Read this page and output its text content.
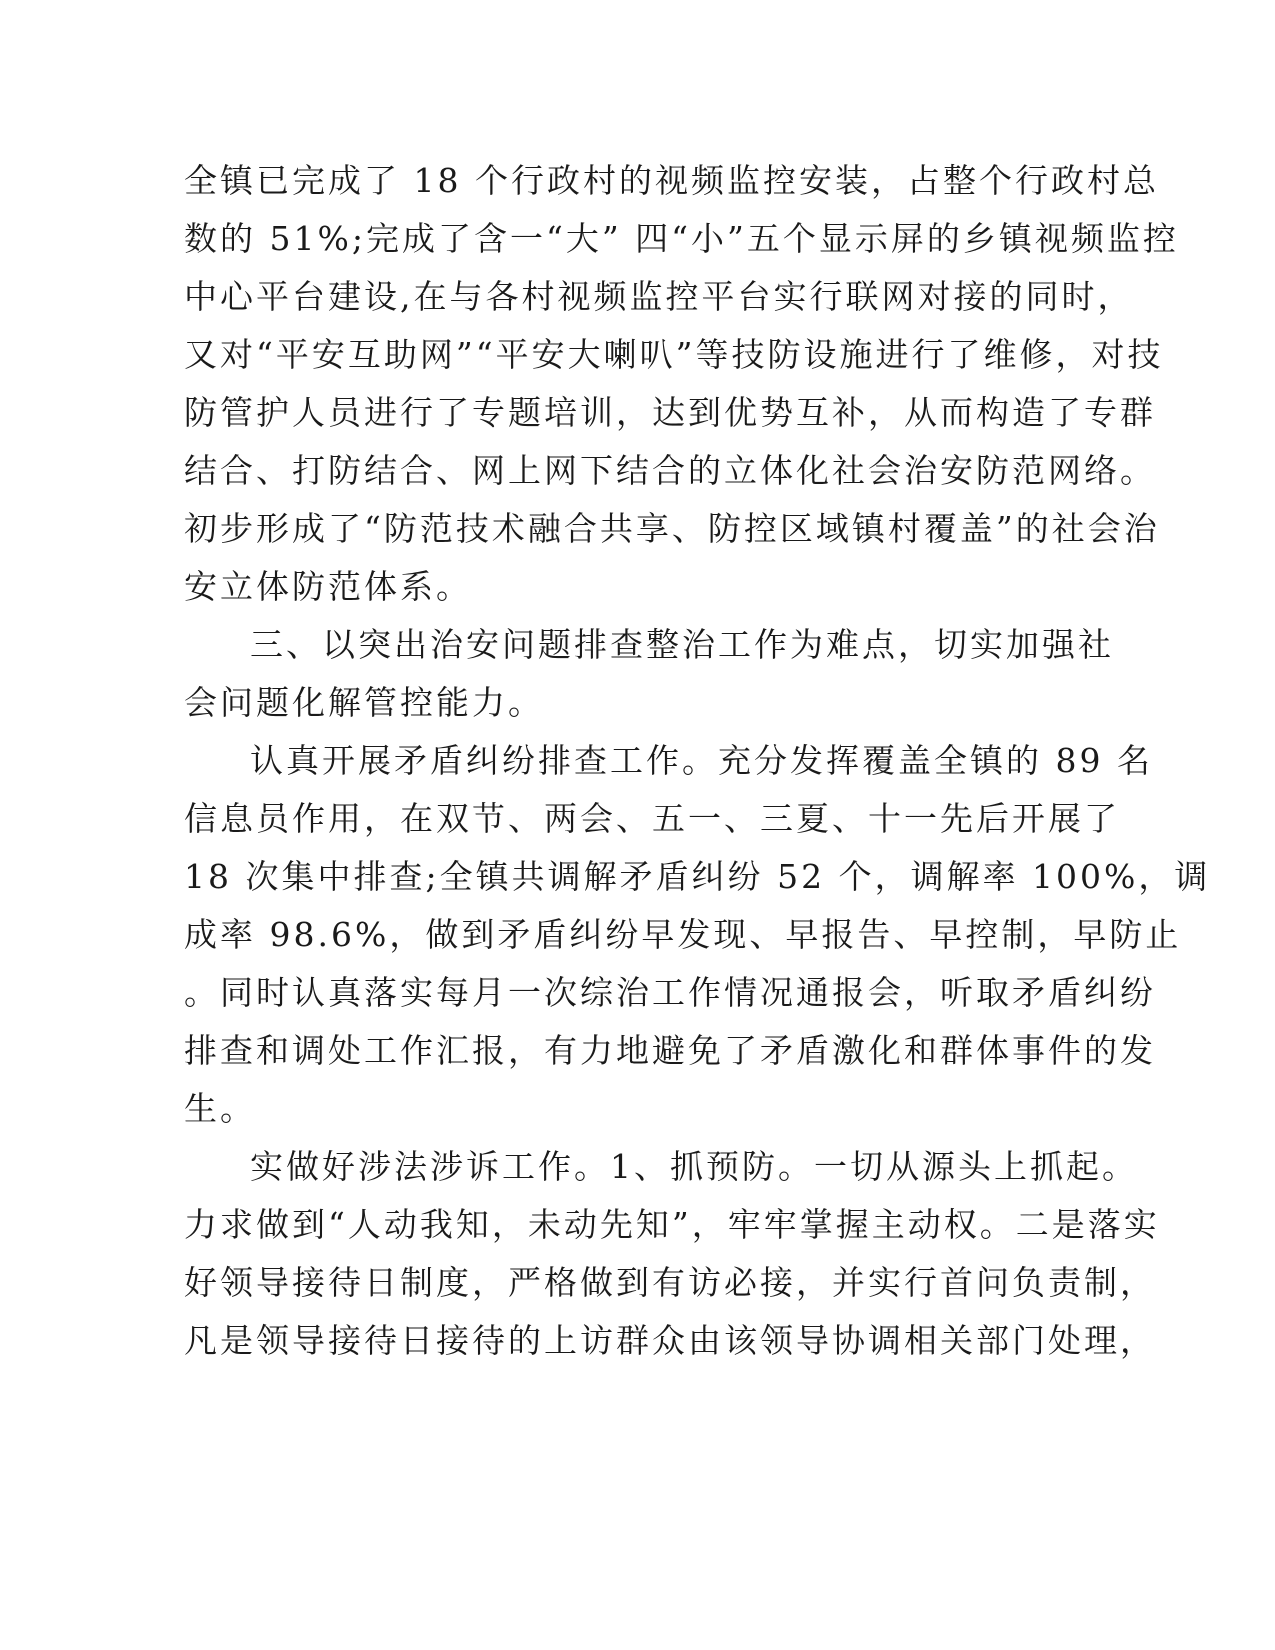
全镇已完成了 18 个行政村的视频监控安装，占整个行政村总
数的 51%;完成了含一“大” 四“小”五个显示屏的乡镇视频监控
中心平台建设,在与各村视频监控平台实行联网对接的同时，
又对“平安互助网”“平安大喇叭”等技防设施进行了维修，对技
防管护人员进行了专题培训，达到优势互补，从而构造了专群
结合、打防结合、网上网下结合的立体化社会治安防范网络。
初步形成了“防范技术融合共享、防控区域镇村覆盖”的社会治
安立体防范体系。
三、以突出治安问题排查整治工作为难点，切实加强社
会问题化解管控能力。
认真开展矛盾纠纷排查工作。充分发挥覆盖全镇的 89 名
信息员作用，在双节、两会、五一、三夏、十一先后开展了
18 次集中排查;全镇共调解矛盾纠纷 52 个，调解率 100%，调
成率 98.6%，做到矛盾纠纷早发现、早报告、早控制，早防止
。同时认真落实每月一次综治工作情况通报会，听取矛盾纠纷
排查和调处工作汇报，有力地避免了矛盾激化和群体事件的发
生。
实做好涉法涉诉工作。1、抓预防。一切从源头上抓起。
力求做到“人动我知，未动先知”，牢牢掌握主动权。二是落实
好领导接待日制度，严格做到有访必接，并实行首问负责制，
凡是领导接待日接待的上访群众由该领导协调相关部门处理，
